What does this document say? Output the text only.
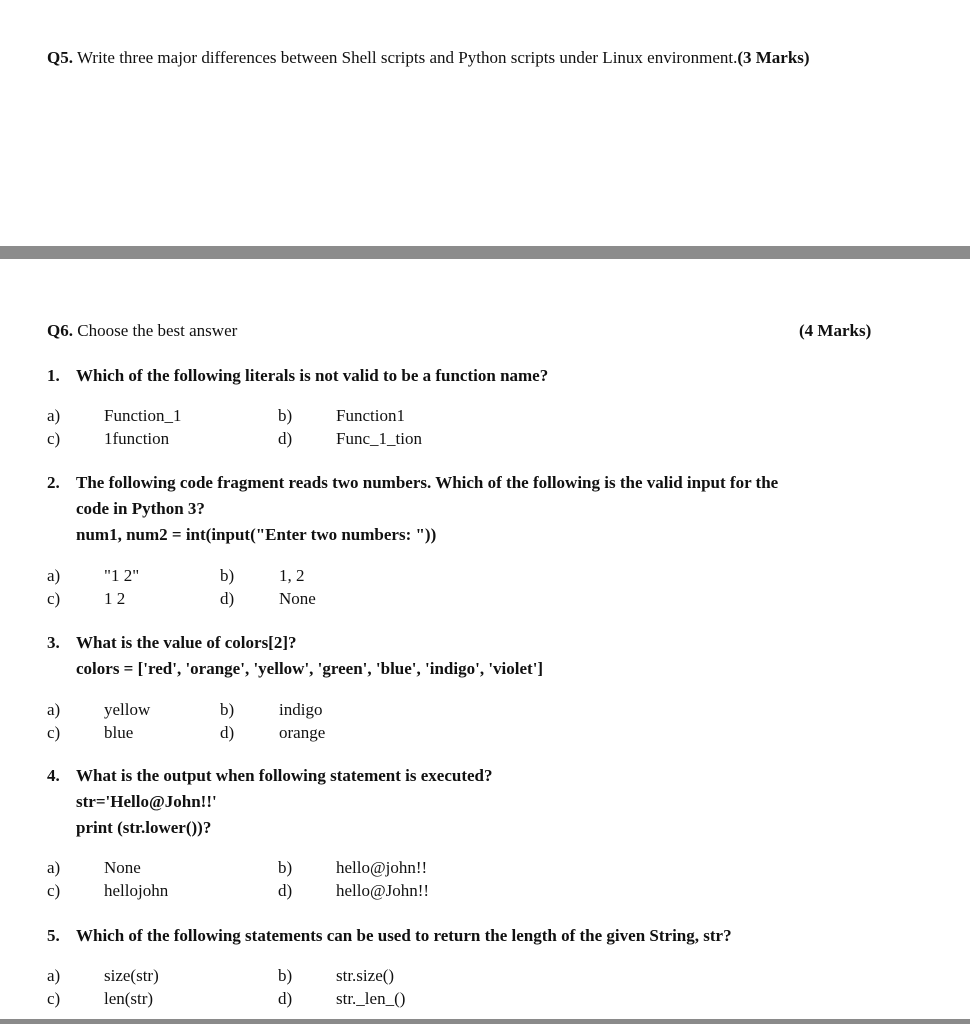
Q5. Write three major differences between Shell scripts and Python scripts under Linux environment.(3 Marks)
Q6. Choose the best answer	(4 Marks)
1. Which of the following literals is not valid to be a function name?
a)	Function_1	b)	Function1
c)	1function	d)	Func_1_tion
2. The following code fragment reads two numbers. Which of the following is the valid input for the
code in Python 3?
num1, num2 = int(input("Enter two numbers: "))
a)	"1 2"	b)	1, 2
c)	1 2	d)	None
3. What is the value of colors[2]?
colors = ['red', 'orange', 'yellow', 'green', 'blue', 'indigo', 'violet']
a)	yellow	b)	indigo
c)	blue	d)	orange
4. What is the output when following statement is executed?
str='Hello@John!!'
print (str.lower())?
a)	None	b)	hello@john!!
c)	hellojohn	d)	hello@John!!
5. Which of the following statements can be used to return the length of the given String, str?
a)	size(str)	b)	str.size()
c)	len(str)	d)	str._len_()
